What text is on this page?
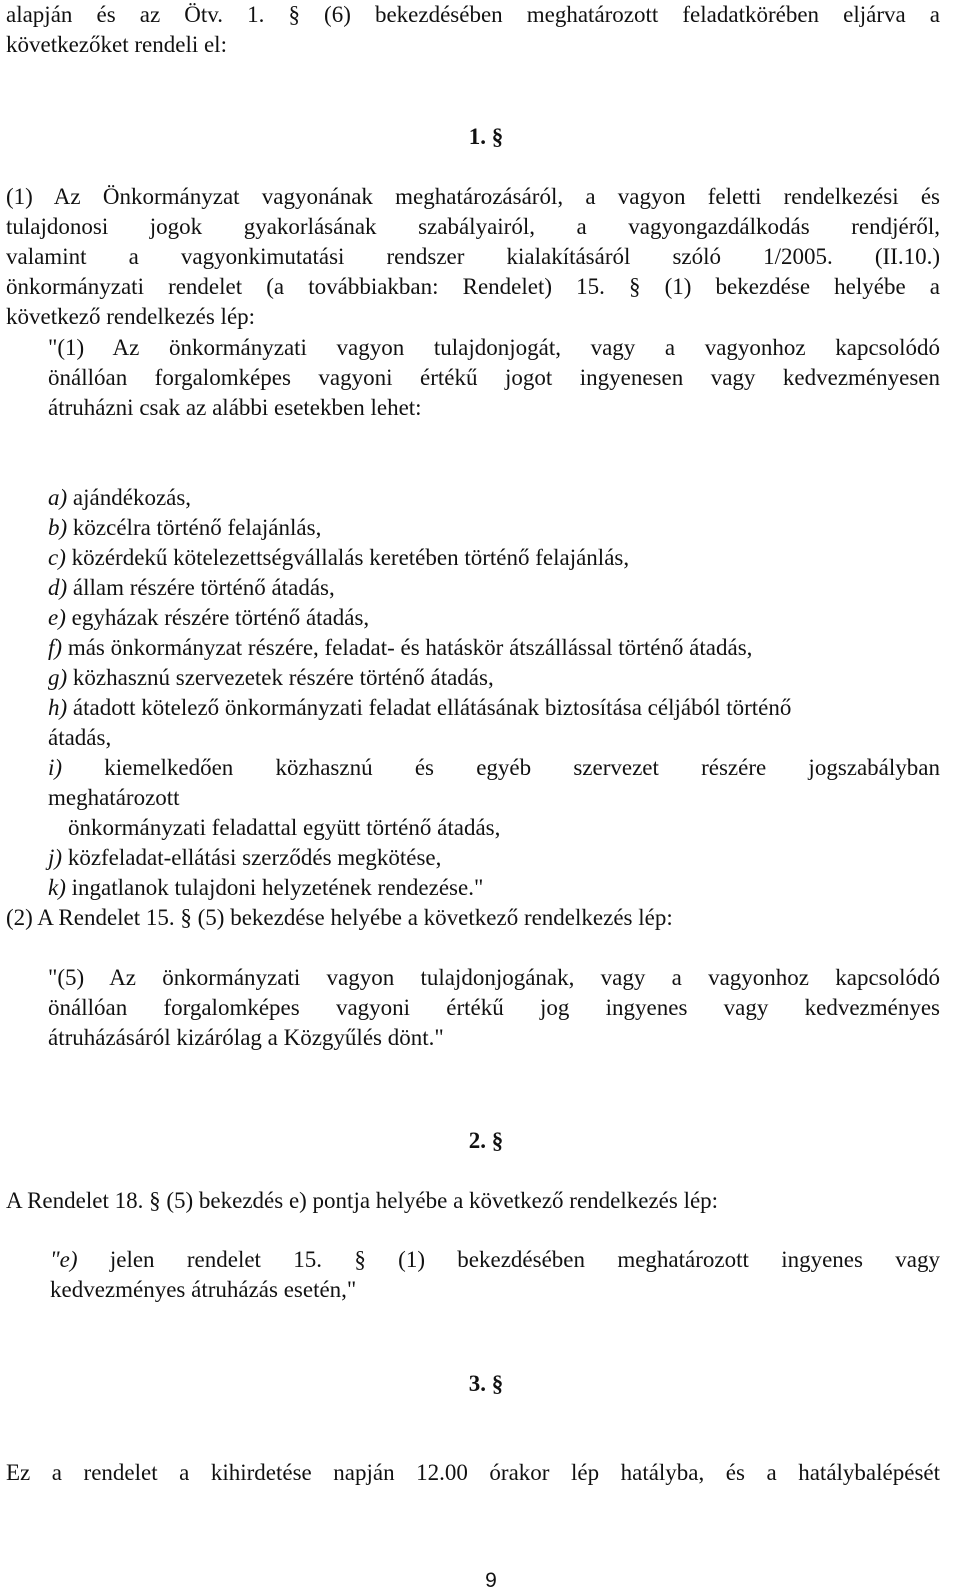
alapján és az Ötv. 1. § (6) bekezdésében meghatározott feladatkörében eljárva a
következőket rendeli el:
1. §
(1) Az Önkormányzat vagyonának meghatározásáról, a vagyon feletti rendelkezési és
tulajdonosi jogok gyakorlásának szabályairól, a vagyongazdálkodás rendjéről,
valamint a vagyonkimutatási rendszer kialakításáról szóló 1/2005. (II.10.)
önkormányzati rendelet (a továbbiakban: Rendelet) 15. § (1) bekezdése helyébe a
következő rendelkezés lép:
"(1) Az önkormányzati vagyon tulajdonjogát, vagy a vagyonhoz kapcsolódó
önállóan forgalomképes vagyoni értékű jogot ingyenesen vagy kedvezményesen
átruházni csak az alábbi esetekben lehet:
a) ajándékozás,
b) közcélra történő felajánlás,
c) közérdekű kötelezettségvállalás keretében történő felajánlás,
d) állam részére történő átadás,
e) egyházak részére történő átadás,
f) más önkormányzat részére, feladat- és hatáskör átszállással történő átadás,
g) közhasznú szervezetek részére történő átadás,
h) átadott kötelező önkormányzati feladat ellátásának biztosítása céljából történő
átadás,
i) kiemelkedően közhasznú és egyéb szervezet részére jogszabályban
meghatározott
önkormányzati feladattal együtt történő átadás,
j) közfeladat-ellátási szerződés megkötése,
k) ingatlanok tulajdoni helyzetének rendezése."
(2) A Rendelet 15. § (5) bekezdése helyébe a következő rendelkezés lép:
"(5) Az önkormányzati vagyon tulajdonjogának, vagy a vagyonhoz kapcsolódó
önállóan forgalomképes vagyoni értékű jog ingyenes vagy kedvezményes
átruházásáról kizárólag a Közgyűlés dönt."
2. §
A Rendelet 18. § (5) bekezdés e) pontja helyébe a következő rendelkezés lép:
"e) jelen rendelet 15. § (1) bekezdésében meghatározott ingyenes vagy
kedvezményes átruházás esetén,"
3. §
Ez a rendelet a kihirdetése napján 12.00 órakor lép hatályba, és a hatálybalépését
9
